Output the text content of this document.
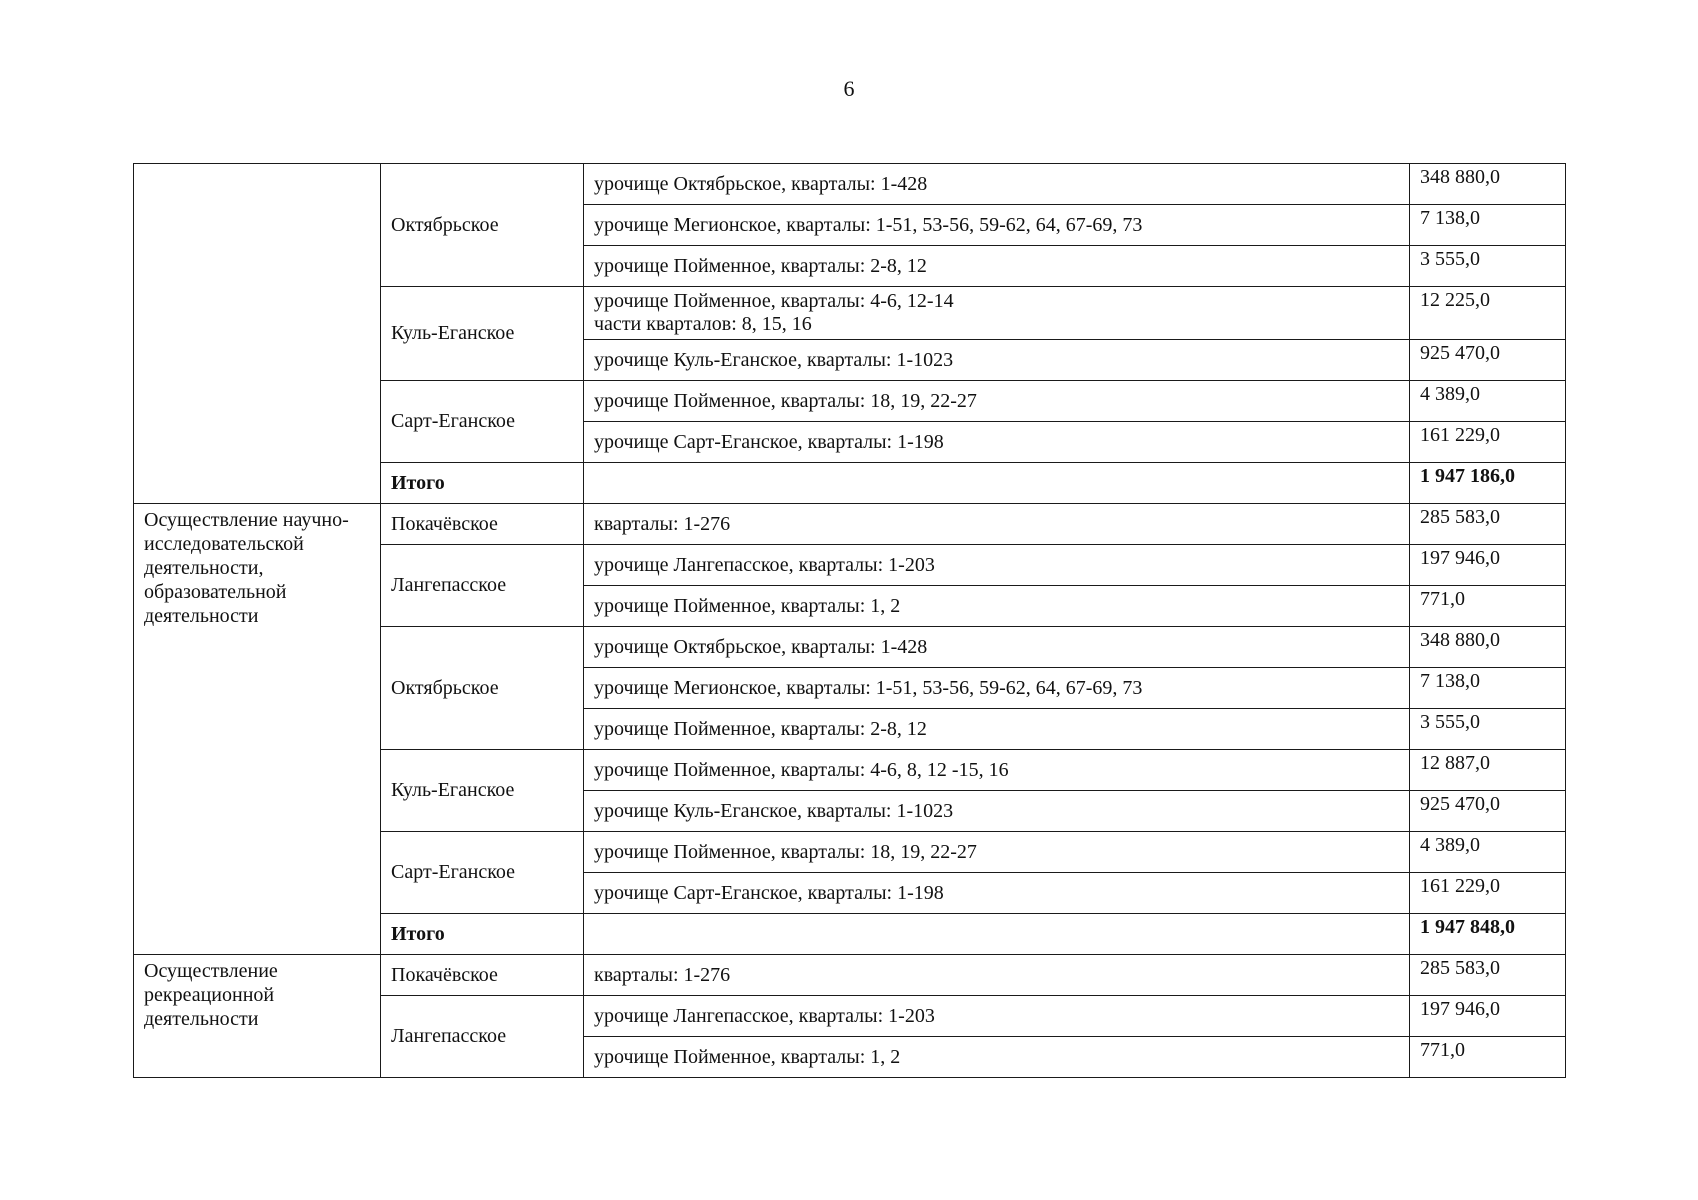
6
	Октябрьское	урочище Октябрьское, кварталы: 1-428	348 880,0

		урочище Мегионское, кварталы: 1-51, 53-56, 59-62, 64, 67-69, 73	7 138,0

		урочище Пойменное, кварталы: 2-8, 12	3 555,0
	Куль-Еганское	урочище Пойменное, кварталы: 4-6, 12-14
части кварталов: 8, 15, 16	12 225,0

		урочище Куль-Еганское, кварталы: 1-1023	925 470,0
	Сарт-Еганское	урочище Пойменное, кварталы: 18, 19, 22-27	4 389,0

		урочище Сарт-Еганское, кварталы: 1-198	161 229,0
	Итого		1 947 186,0
Осуществление научно-исследовательской деятельности, образовательной деятельности	Покачёвское	кварталы: 1-276	285 583,0
	Лангепасское	урочище Лангепасское, кварталы: 1-203	197 946,0

		урочище Пойменное, кварталы: 1, 2	771,0
	Октябрьское	урочище Октябрьское, кварталы: 1-428	348 880,0

		урочище Мегионское, кварталы: 1-51, 53-56, 59-62, 64, 67-69, 73	7 138,0

		урочище Пойменное, кварталы: 2-8, 12	3 555,0
	Куль-Еганское	урочище Пойменное, кварталы: 4-6, 8, 12 -15, 16	12 887,0

		урочище Куль-Еганское, кварталы: 1-1023	925 470,0
	Сарт-Еганское	урочище Пойменное, кварталы: 18, 19, 22-27	4 389,0

		урочище Сарт-Еганское, кварталы: 1-198	161 229,0
	Итого		1 947 848,0
Осуществление рекреационной деятельности	Покачёвское	кварталы: 1-276	285 583,0
	Лангепасское	урочище Лангепасское, кварталы: 1-203	197 946,0

		урочище Пойменное, кварталы: 1, 2	771,0
